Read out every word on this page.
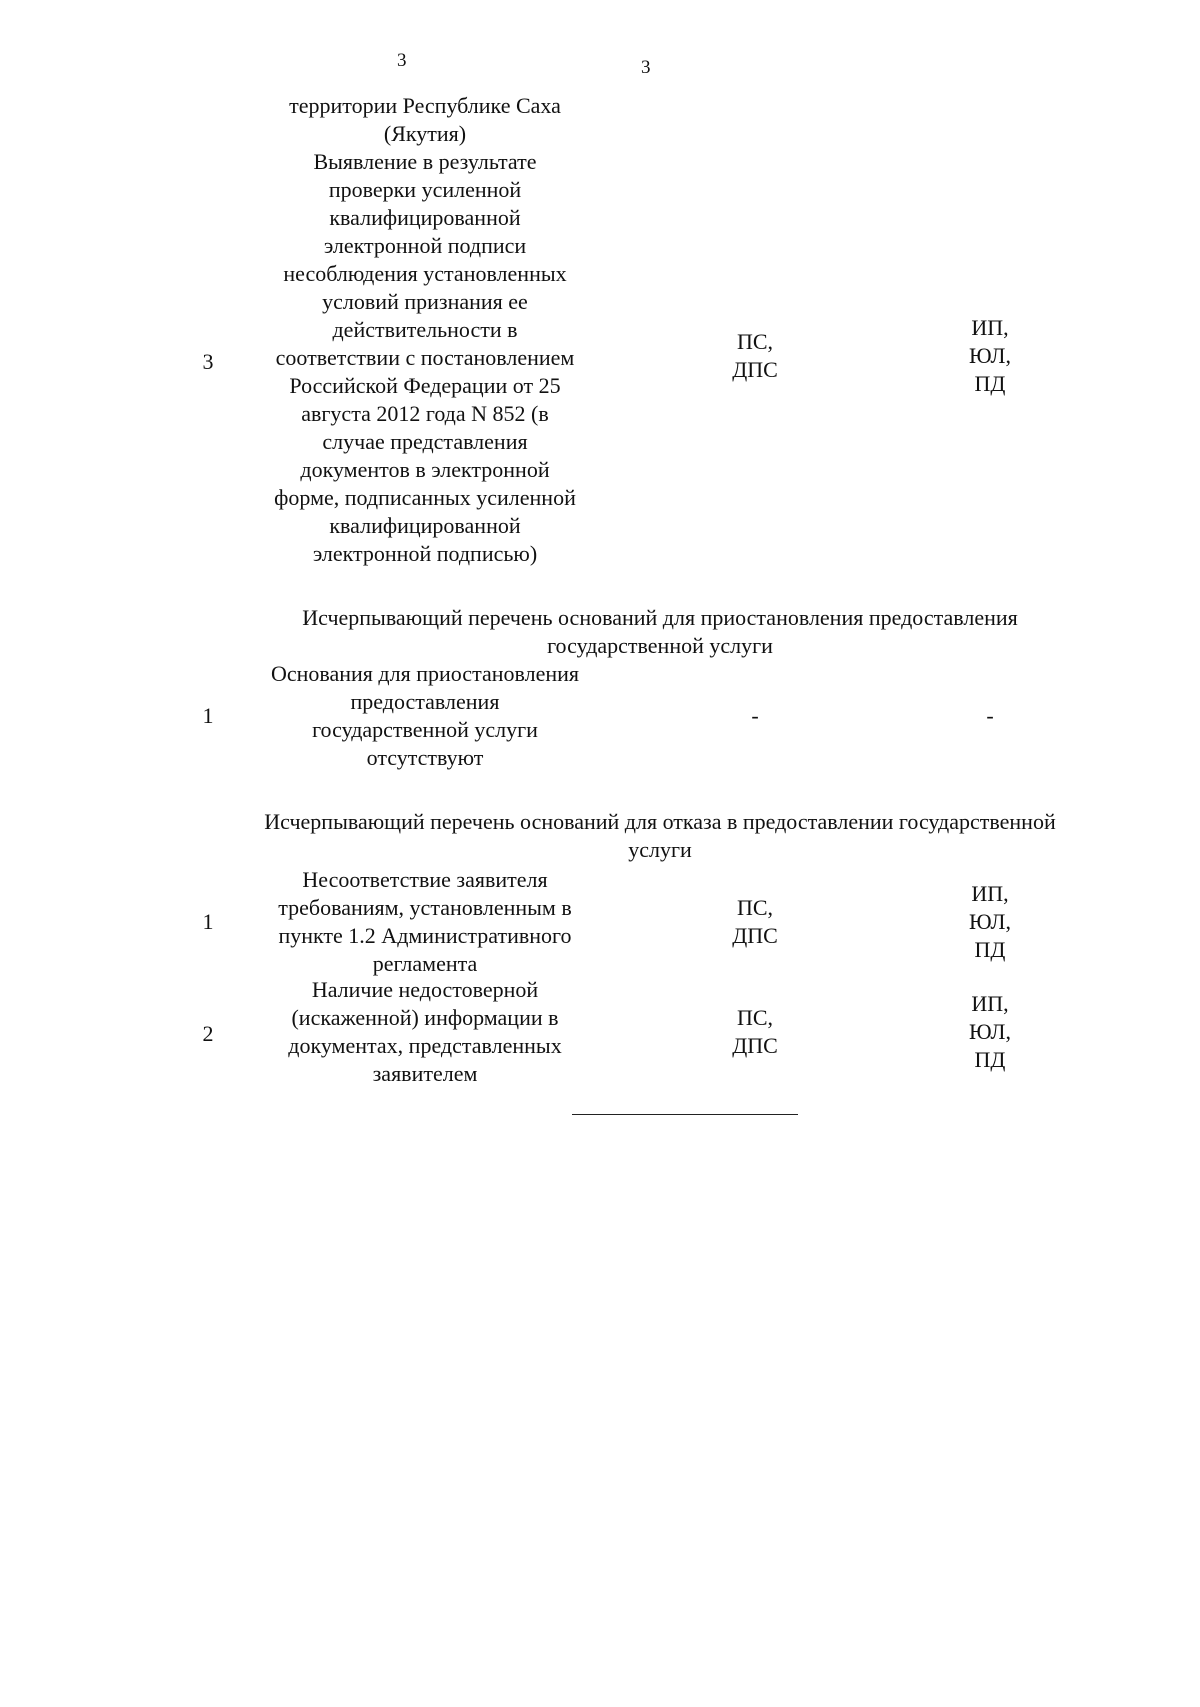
3	3
3
территории Республике Саха
(Якутия)
Выявление в результате
проверки усиленной
квалифицированной
электронной подписи
несоблюдения установленных
условий признания ее
действительности в
соответствии с постановлением
Российской Федерации от 25
августа 2012 года N 852 (в
случае представления
документов в электронной
форме, подписанных усиленной
квалифицированной
электронной подписью)
ПС,
ДПС
ИП,
ЮЛ,
ПД
Исчерпывающий перечень оснований для приостановления предоставления
государственной услуги
1
Основания для приостановления
предоставления
государственной услуги
отсутствуют
-	-
Исчерпывающий перечень оснований для отказа в предоставлении государственной
услуги
1
Несоответствие заявителя
требованиям, установленным в
пункте 1.2 Административного
регламента
ПС,
ДПС
ИП,
ЮЛ,
ПД
2
Наличие недостоверной
(искаженной) информации в
документах, представленных
заявителем
ПС,
ДПС
ИП,
ЮЛ,
ПД
